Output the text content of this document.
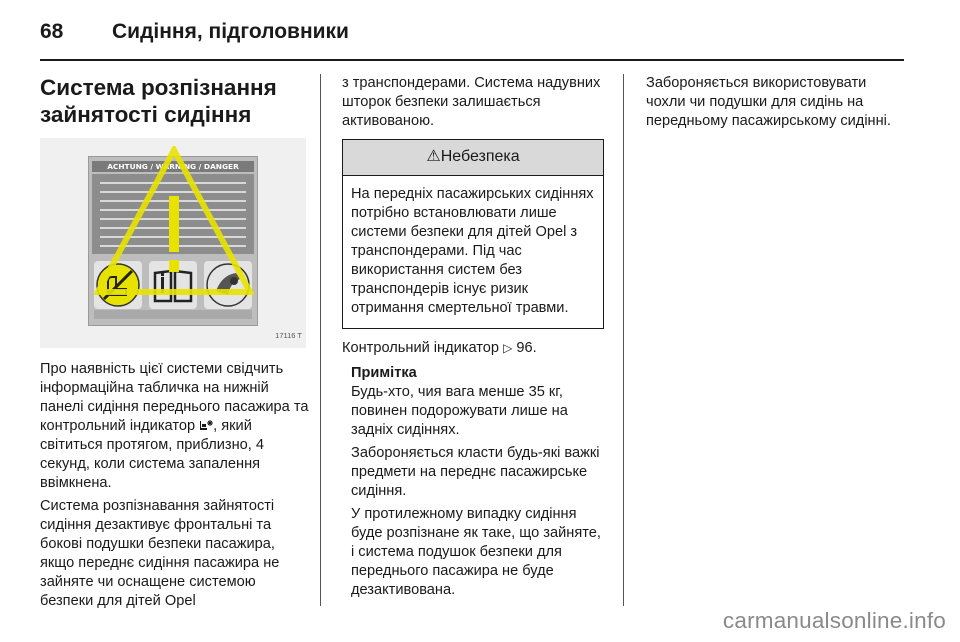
68	Сидіння, підголовники
Система розпізнання
зайнятості сидіння
ACHTUNG / WARNING / DANGER
17116 T

Про наявність цієї системи свідчить інформаційна табличка на нижній панелі сидіння переднього пасажира та контрольний індикатор , який світиться протягом, приблизно, 4 секунд, коли система запалення ввімкнена.

Система розпізнавання зайнятості сидіння дезактивує фронтальні та бокові подушки безпеки пасажира, якщо переднє сидіння пасажира не зайняте чи оснащене системою безпеки для дітей Opel

з транспондерами. Система надувних шторок безпеки залишається активованою.

⚠Небезпека
На передніх пасажирських сидіннях потрібно встановлювати лише системи безпеки для дітей Opel з транспондерами. Під час використання систем без транспондерів існує ризик отримання смертельної травми.

Контрольний індикатор ▷ 96.

Примітка

Будь-хто, чия вага менше 35 кг, повинен подорожувати лише на задніх сидіннях.

Забороняється класти будь-які важкі предмети на переднє пасажирське сидіння.

У протилежному випадку сидіння буде розпізнане як таке, що зайняте, і система подушок безпеки для переднього пасажира не буде дезактивована.

Забороняється використовувати чохли чи подушки для сидінь на передньому пасажирському сидінні.

carmanualsonline.info
